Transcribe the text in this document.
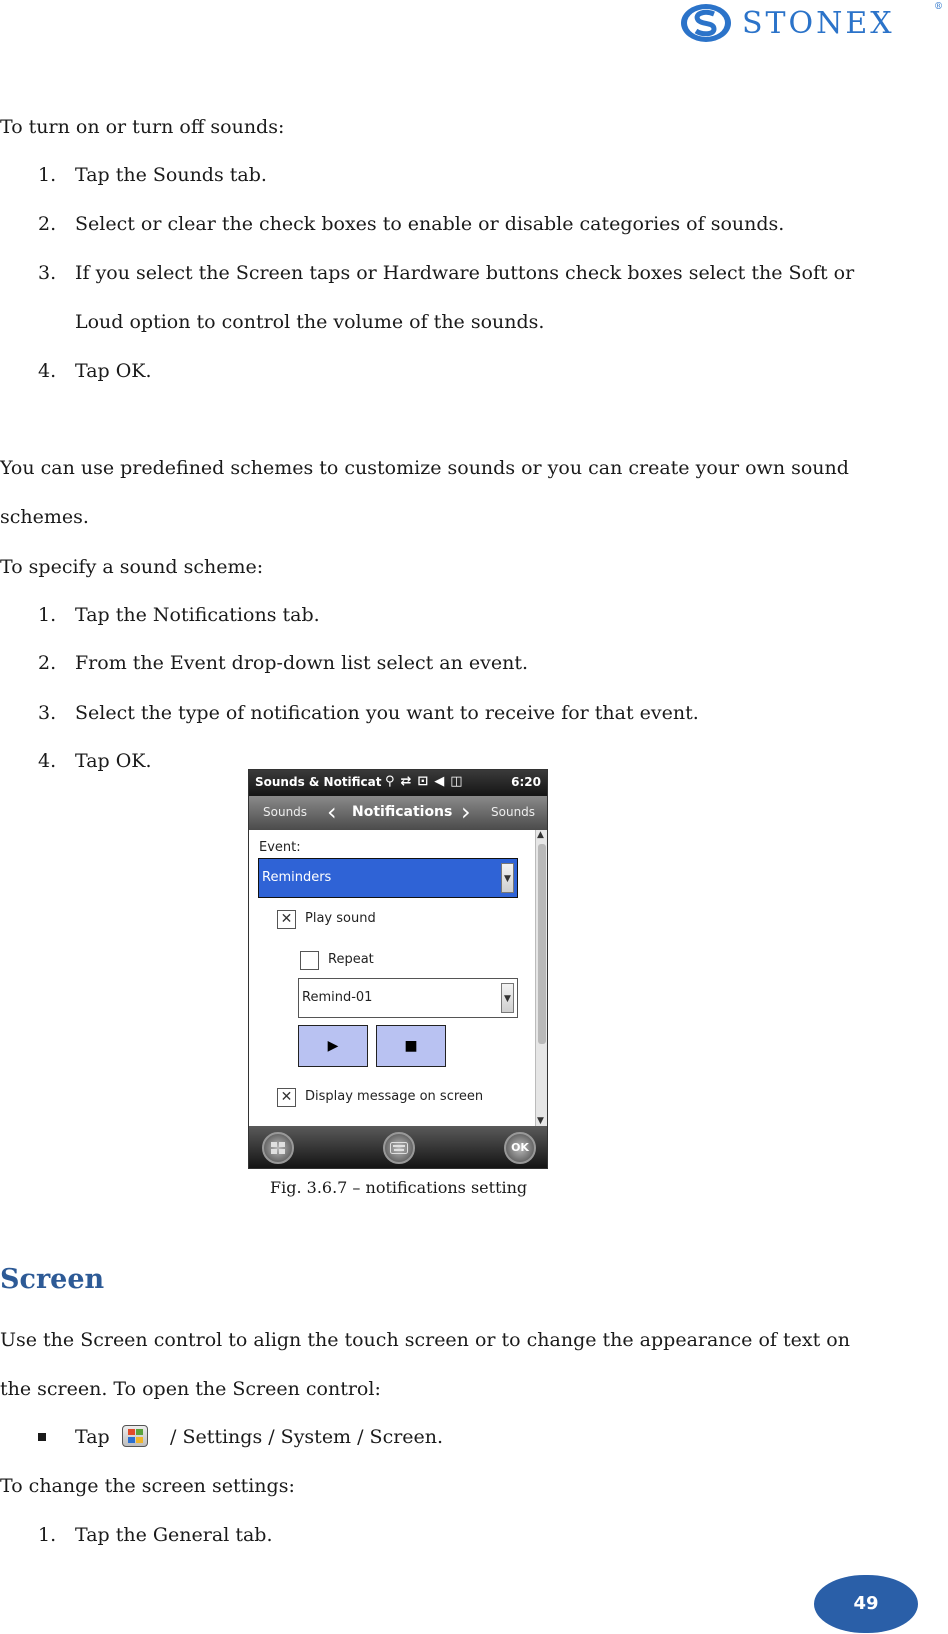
STONEX	®
To turn on or turn off sounds:
1. Tap the Sounds tab.
2. Select or clear the check boxes to enable or disable categories of sounds.
3. If you select the Screen taps or Hardware buttons check boxes select the Soft or
Loud option to control the volume of the sounds.
4. Tap OK.
You can use predefined schemes to customize sounds or you can create your own sound
schemes.
To specify a sound scheme:
1. Tap the Notifications tab.
2. From the Event drop-down list select an event.
3. Select the type of notification you want to receive for that event.
4. Tap OK.
Sounds & Notificat ⚲⇄⊡◀◫	6:20
Sounds ‹ Notifications › Sounds
Event:
Reminders	▼
✕ Play sound
Repeat
Remind-01	▼
▶	■
✕ Display message on screen
▲
▼
OK
Fig. 3.6.7 – notifications setting
Screen
Use the Screen control to align the touch screen or to change the appearance of text on
the screen. To open the Screen control:
Tap	/ Settings / System / Screen.
To change the screen settings:
1. Tap the General tab.
49
